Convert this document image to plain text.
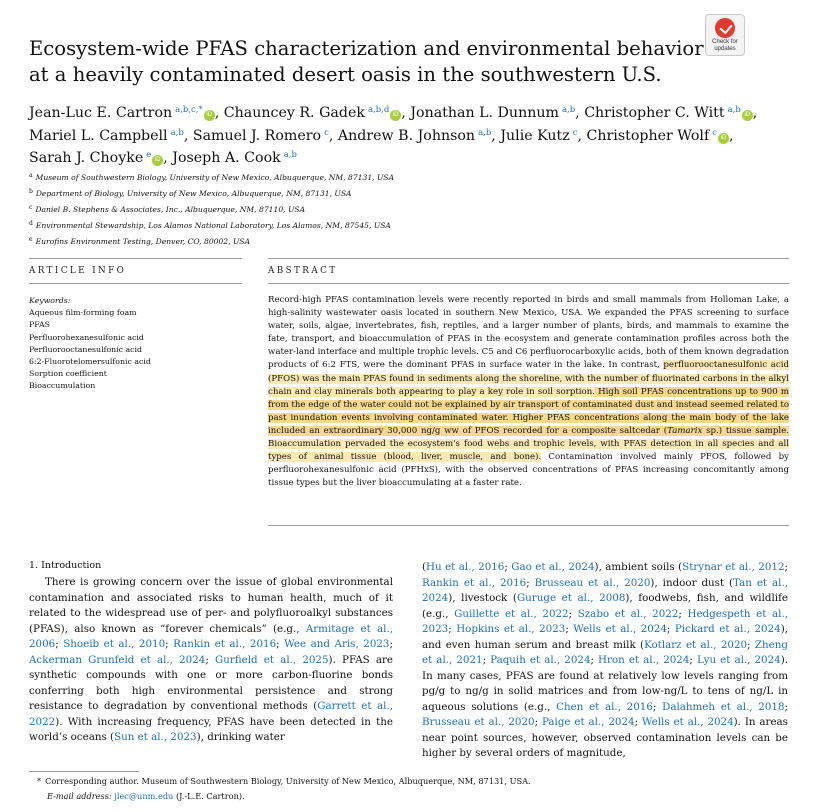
Ecosystem-wide PFAS characterization and environmental behavior at a heavily contaminated desert oasis in the southwestern U.S.
Check for
updates
Jean-Luc E. Cartron $^{a,b,c,*}$ iD , Chauncey R. Gadek $^{a,b,d}$ iD , Jonathan L. Dunnum $^{a,b}$, Christopher C. Witt $^{a,b}$ iD , Mariel L. Campbell $^{a,b}$, Samuel J. Romero $^c$, Andrew B. Johnson $^{a,b}$, Julie Kutz $^c$, Christopher Wolf $^c$ iD , Sarah J. Choyke $^e$ iD , Joseph A. Cook $^{a,b}$
$^a$ Museum of Southwestern Biology, University of New Mexico, Albuquerque, NM, 87131, USA
$^b$ Department of Biology, University of New Mexico, Albuquerque, NM, 87131, USA
$^c$ Daniel B. Stephens & Associates, Inc., Albuquerque, NM, 87110, USA
$^d$ Environmental Stewardship, Los Alamos National Laboratory, Los Alamos, NM, 87545, USA
$^e$ Eurofins Environment Testing, Denver, CO, 80002, USA
ARTICLE INFO	ABSTRACT
Keywords:
Aqueous film-forming foam
PFAS
Perfluorohexanesulfonic acid
Perfluorooctanesulfonic acid
6:2-Fluorotelomersulfonic acid
Sorption coefficient
Bioaccumulation
Record-high PFAS contamination levels were recently reported in birds and small mammals from Holloman Lake, a high-salinity wastewater oasis located in southern New Mexico, USA. We expanded the PFAS screening to surface water, soils, algae, invertebrates, fish, reptiles, and a larger number of plants, birds, and mammals to examine the fate, transport, and bioaccumulation of PFAS in the ecosystem and generate contamination profiles across both the water-land interface and multiple trophic levels. C5 and C6 perfluorocarboxylic acids, both of them known degradation products of 6:2 FTS, were the dominant PFAS in surface water in the lake. In contrast, perfluorooctanesulfonic acid (PFOS) was the main PFAS found in sediments along the shoreline, with the number of fluorinated carbons in the alkyl chain and clay minerals both appearing to play a key role in soil sorption. High soil PFAS concentrations up to 900 m from the edge of the water could not be explained by air transport of contaminated dust and instead seemed related to past inundation events involving contaminated water. Higher PFAS concentrations along the main body of the lake included an extraordinary 30,000 ng/g ww of PFOS recorded for a composite saltcedar (Tamarix sp.) tissue sample. Bioaccumulation pervaded the ecosystem's food webs and trophic levels, with PFAS detection in all species and all types of animal tissue (blood, liver, muscle, and bone). Contamination involved mainly PFOS, followed by perfluorohexanesulfonic acid (PFHxS), with the observed concentrations of PFAS increasing concomitantly among tissue types but the liver bioaccumulating at a faster rate.
1. Introduction
There is growing concern over the issue of global environmental contamination and associated risks to human health, much of it related to the widespread use of per- and polyfluoroalkyl substances (PFAS), also known as “forever chemicals” (e.g., Armitage et al., 2006; Shoeib et al., 2010; Rankin et al., 2016; Wee and Aris, 2023; Ackerman Grunfeld et al., 2024; Gurfield et al., 2025). PFAS are synthetic compounds with one or more carbon-fluorine bonds conferring both high environmental persistence and strong resistance to degradation by conventional methods (Garrett et al., 2022). With increasing frequency, PFAS have been detected in the world’s oceans (Sun et al., 2023), drinking water
(Hu et al., 2016; Gao et al., 2024), ambient soils (Strynar et al., 2012; Rankin et al., 2016; Brusseau et al., 2020), indoor dust (Tan et al., 2024), livestock (Guruge et al., 2008), foodwebs, fish, and wildlife (e.g., Guillette et al., 2022; Szabo et al., 2022; Hedgespeth et al., 2023; Hopkins et al., 2023; Wells et al., 2024; Pickard et al., 2024), and even human serum and breast milk (Kotlarz et al., 2020; Zheng et al., 2021; Paquih et al., 2024; Hron et al., 2024; Lyu et al., 2024). In many cases, PFAS are found at relatively low levels ranging from pg/g to ng/g in solid matrices and from low-ng/L to tens of ng/L in aqueous solutions (e.g., Chen et al., 2016; Dalahmeh et al., 2018; Brusseau et al., 2020; Paige et al., 2024; Wells et al., 2024). In areas near point sources, however, observed contamination levels can be higher by several orders of magnitude,
* Corresponding author. Museum of Southwestern Biology, University of New Mexico, Albuquerque, NM, 87131, USA.
E-mail address: jlec@unm.edu (J.-L.E. Cartron).
